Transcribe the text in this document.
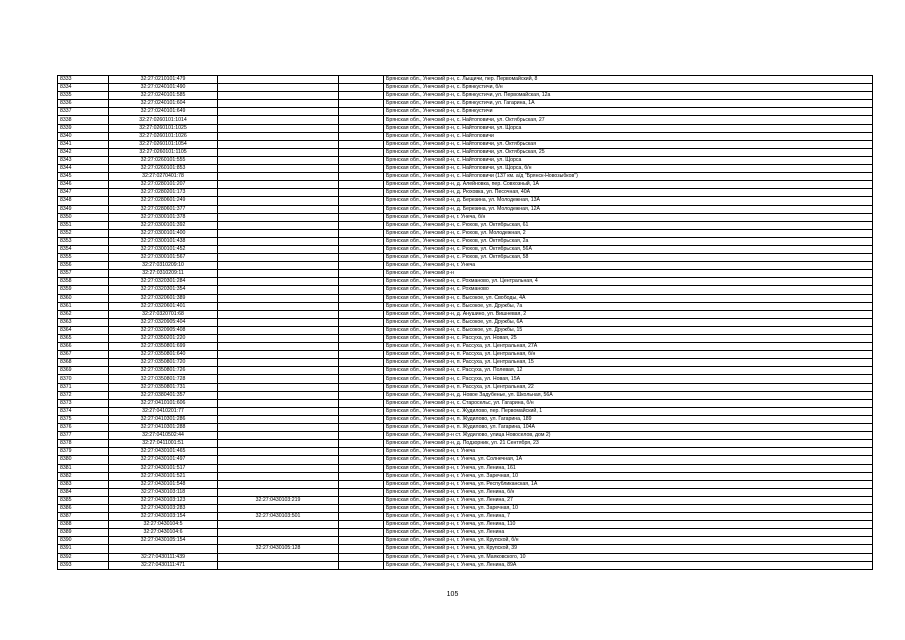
8333	32:27:0210101:479			Брянская обл., Унечский р-н, с. Лыщичи, пер. Первомайский, 8
8334	32:27:0240101:490			Брянская обл., Унечский р-н, с. Брянкустичи, б/н
8335	32:27:0240101:585			Брянская обл., Унечский р-н, с. Брянкустичи, ул. Первомайская, 12а
8336	32:27:0240101:604			Брянская обл., Унечский р-н, с. Брянкустичи, ул. Гагарина, 1А
8337	32:27:0240101:649			Брянская обл., Унечский р-н, с. Брянкустичи
8338	32:27:0260101:1014			Брянская обл., Унечский р-н, с. Найтоповичи, ул. Октябрьская, 27
8339	32:27:0260101:1025			Брянская обл., Унечский р-н, с. Найтоповичи, ул. Щорса
8340	32:27:0260101:1026			Брянская обл., Унечский р-н, с. Найтоповичи
8341	32:27:0260101:1054			Брянская обл., Унечский р-н, с. Найтоповичи, ул. Октябрьская
8342	32:27:0260101:1105			Брянская обл., Унечский р-н, с. Найтоповичи, ул. Октябрьская, 25
8343	32:27:0260101:555			Брянская обл., Унечский р-н, с. Найтоповичи, ул. Щорса
8344	32:27:0260101:853			Брянская обл., Унечский р-н, с. Найтоповичи, ул. Щорса, б/н
8345	32:27:0270401:78			Брянская обл., Унечский р-н, с. Найтоповичи (137 км. а/д "Брянск-Новозыбков")
8346	32:27:0280101:207			Брянская обл., Унечский р-н, д. Алейновка, пер. Совхозный, 1А
8347	32:27:0280201:173			Брянская обл., Унечский р-н, д. Рюховка, ул. Песочная, 40А
8348	32:27:0280601:249			Брянская обл., Унечский р-н, д. Березина, ул. Молодежная, 13А
8349	32:27:0280601:377			Брянская обл., Унечский р-н, д. Березина, ул. Молодежная, 12А
8350	32:27:0300101:378			Брянская обл., Унечский р-н, г. Унеча, б/н
8351	32:27:0300101:392			Брянская обл., Унечский р-н, с. Рюхов, ул. Октябрьская, 61
8352	32:27:0300101:400			Брянская обл., Унечский р-н, с. Рюхов, ул. Молодежная, 2
8353	32:27:0300101:438			Брянская обл., Унечский р-н, с. Рюхов, ул. Октябрьская, 2а
8354	32:27:0300101:452			Брянская обл., Унечский р-н, с. Рюхов, ул. Октябрьская, 56А
8355	32:27:0300101:567			Брянская обл., Унечский р-н, с. Рюхов, ул. Октябрьская, 58
8356	32:27:0310209:10			Брянская обл., Унечский р-н, г. Унеча
8357	32:27:0310209:11			Брянская обл., Унечский р-н
8358	32:27:0320301:284			Брянская обл., Унечский р-н, с. Рохманово, ул. Центральная, 4
8359	32:27:0320301:354			Брянская обл., Унечский р-н, с. Рохманово
8360	32:27:0320601:389			Брянская обл., Унечский р-н, с. Высокое, ул. Свободы, 4А
8361	32:27:0320601:401			Брянская обл., Унечский р-н, с. Высокое, ул. Дружбы, 7а
8362	32:27:0320701:68			Брянская обл., Унечский р-н, д. Анушино, ул. Вишневая, 2
8363	32:27:0320905:404			Брянская обл., Унечский р-н, с. Высокое, ул. Дружбы, 6А
8364	32:27:0320905:408			Брянская обл., Унечский р-н, с. Высокое, ул. Дружбы, 15
8365	32:27:0350201:220			Брянская обл., Унечский р-н, с. Рассуха, ул. Новая, 25
8366	32:27:0350801:699			Брянская обл., Унечский р-н, п. Рассуха, ул. Центральная, 27А
8367	32:27:0350801:640			Брянская обл., Унечский р-н, п. Рассуха, ул. Центральная, б/н
8368	32:27:0350801:720			Брянская обл., Унечский р-н, п. Рассуха, ул. Центральная, 15
8369	32:27:0350801:726			Брянская обл., Унечский р-н, с. Рассуха, ул. Полевая, 12
8370	32:27:0350801:728			Брянская обл., Унечский р-н, с. Рассуха, ул. Новая, 15А
8371	32:27:0350801:731			Брянская обл., Унечский р-н, п. Рассуха, ул. Центральная, 22
8372	32:27:0380401:357			Брянская обл., Унечский р-н, д. Новое Задубенье, ул. Школьная, 56А
8373	32:27:0410101:606			Брянская обл., Унечский р-н, с. Старосельс, ул. Гагарина, б/н
8374	32:27:0410201:77			Брянская обл., Унечский р-н, с. Жудилово, пер. Первомайский, 1
8375	32:27:0410301:286			Брянская обл., Унечский р-н, п. Жудилово, ул. Гагарина, 189
8376	32:27:0410301:288			Брянская обл., Унечский р-н, п. Жудилово, ул. Гагарина, 104А
8377	32:27:0410502:44			Брянская обл., Унечский р-н ст. Жудилово, улица Новоселов, дом 2)
8378	32:27:0411001:51			Брянская обл., Унечский р-н, д. Подзорник, ул. 21 Сентября, 23
8379	32:27:0430101:465			Брянская обл., Унечский р-н, г. Унеча
8380	32:27:0430101:497			Брянская обл., Унечский р-н, г. Унеча, ул. Солнечная, 1А
8381	32:27:0430101:517			Брянская обл., Унечский р-н, г. Унеча, ул. Ленина, 161
8382	32:27:0430101:521			Брянская обл., Унечский р-н, г. Унеча, ул. Заречная, 10
8383	32:27:0430101:548			Брянская обл., Унечский р-н, г. Унеча, ул. Республиканская, 1А
8384	32:27:0430103:118			Брянская обл., Унечский р-н, г. Унеча, ул. Ленина, б/н
8385	32:27:0430103:123	32:27:0430103:219		Брянская обл., Унечский р-н, г. Унеча, ул. Ленина, 27
8386	32:27:0430103:283			Брянская обл., Унечский р-н, г. Унеча, ул. Заречная, 10
8387	32:27:0430103:154	32:27:0430103:501		Брянская обл., Унечский р-н, г. Унеча, ул. Ленина, 7
8388	32:27:0430104:5			Брянская обл., Унечский р-н, г. Унеча, ул. Ленина, 110
8389	32:27:0430104:6			Брянская обл., Унечский р-н, г. Унеча, ул. Ленина
8390	32:27:0430105:154			Брянская обл., Унечский р-н, г. Унеча, ул. Крупской, б/н
8391		32:27:0430105:128		Брянская обл., Унечский р-н, г. Унеча, ул. Крупской, 39
8392	32:27:0430111:439			Брянская обл., Унечский р-н, г. Унеча, ул. Маяковского, 10
8393	32:27:0430111:471			Брянская обл., Унечский р-н, г. Унеча, ул. Ленина, 89А
105
